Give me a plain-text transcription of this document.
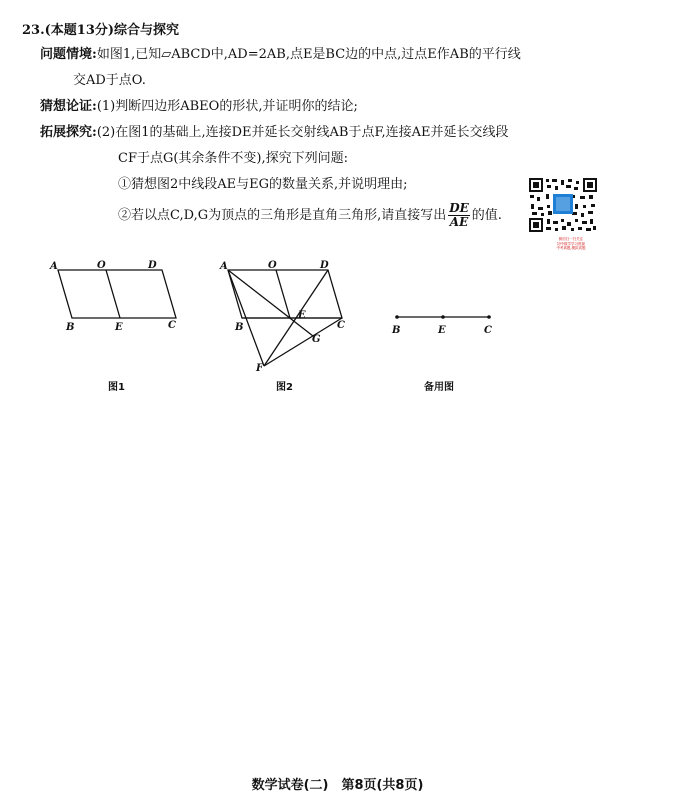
23.(本题13分)综合与探究
问题情境:如图1,已知▱ABCD中,AD=2AB,点E是BC边的中点,过点E作AB的平行线
交AD于点O.
猜想论证:(1)判断四边形ABEO的形状,并证明你的结论;
拓展探究:(2)在图1的基础上,连接DE并延长交射线AB于点F,连接AE并延长交线段
CF于点G(其余条件不变),探究下列问题:
①猜想图2中线段AE与EG的数量关系,并说明理由;
②若以点C,D,G为顶点的三角形是直角三角形,请直接写出 $\frac{DE}{AE}$ 的值.
微信扫一扫关注
初中数学学习资源
中考真题,模拟试题
A	O	D
B	E	C
图1
A	O	D
B
E
C
G
F
图2
B	E	C
备用图
数学试卷(二)　第8页(共8页)
